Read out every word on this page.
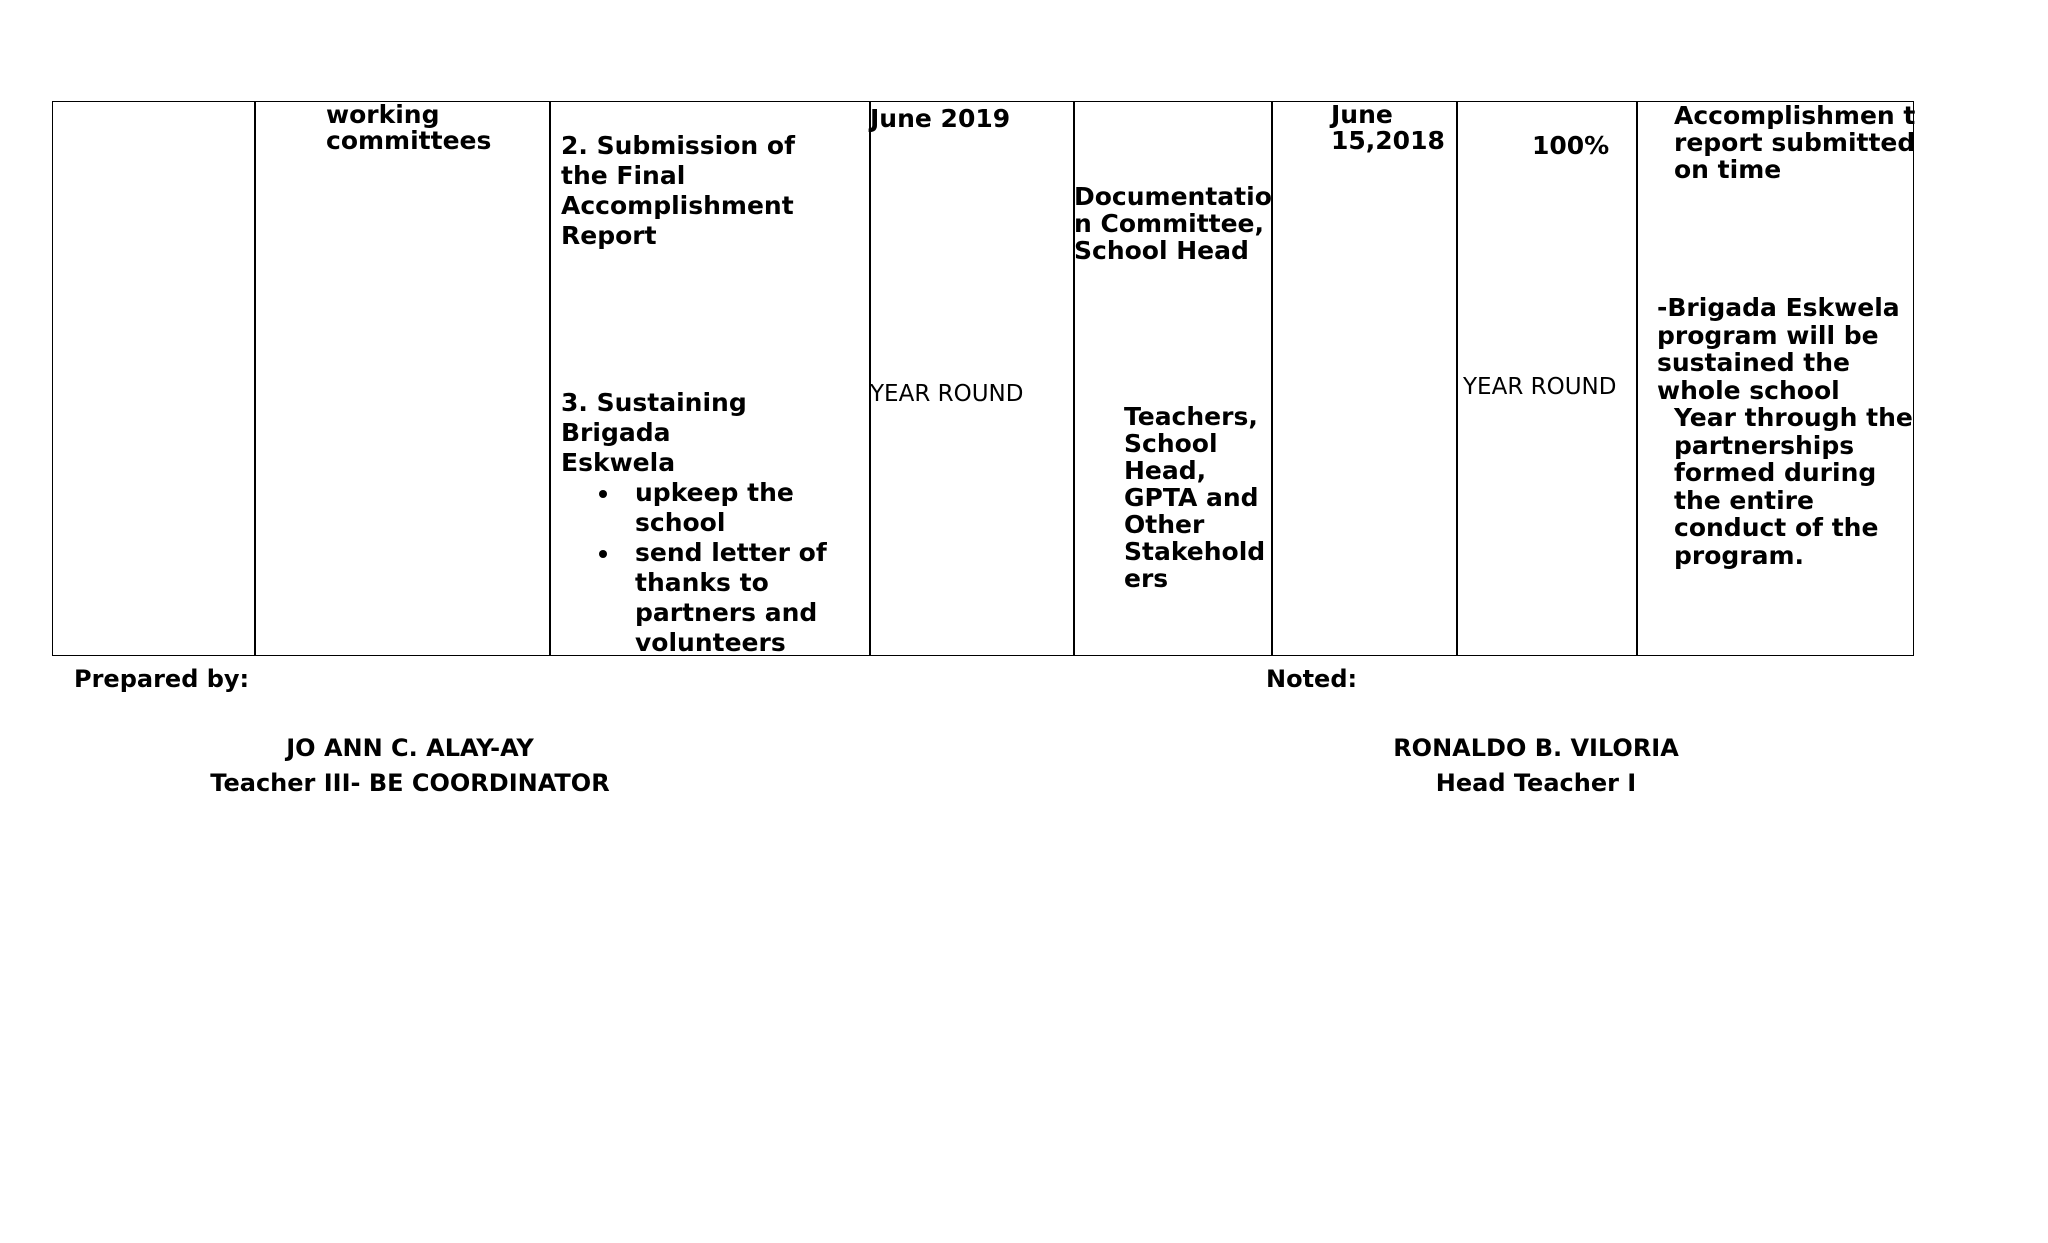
working
committees	2. Submission of
the Final
Accomplishment
Report
3. Sustaining
Brigada
Eskwela
upkeep the
school
send letter of
thanks to
partners and
volunteers
June 2019
YEAR ROUND
Documentatio
n Committee,
School Head
Teachers,
School
Head,
GPTA and
Other
Stakehold
ers
June
15,2018	100%
YEAR ROUND
Accomplishmen t
report submitted
on time
-Brigada Eskwela
program will be
sustained the
whole school
Year through the
partnerships
formed during
the entire
conduct of the
program.
Prepared by:
JO ANN C. ALAY-AY
Teacher III- BE COORDINATOR
Noted:
RONALDO B. VILORIA
Head Teacher I
